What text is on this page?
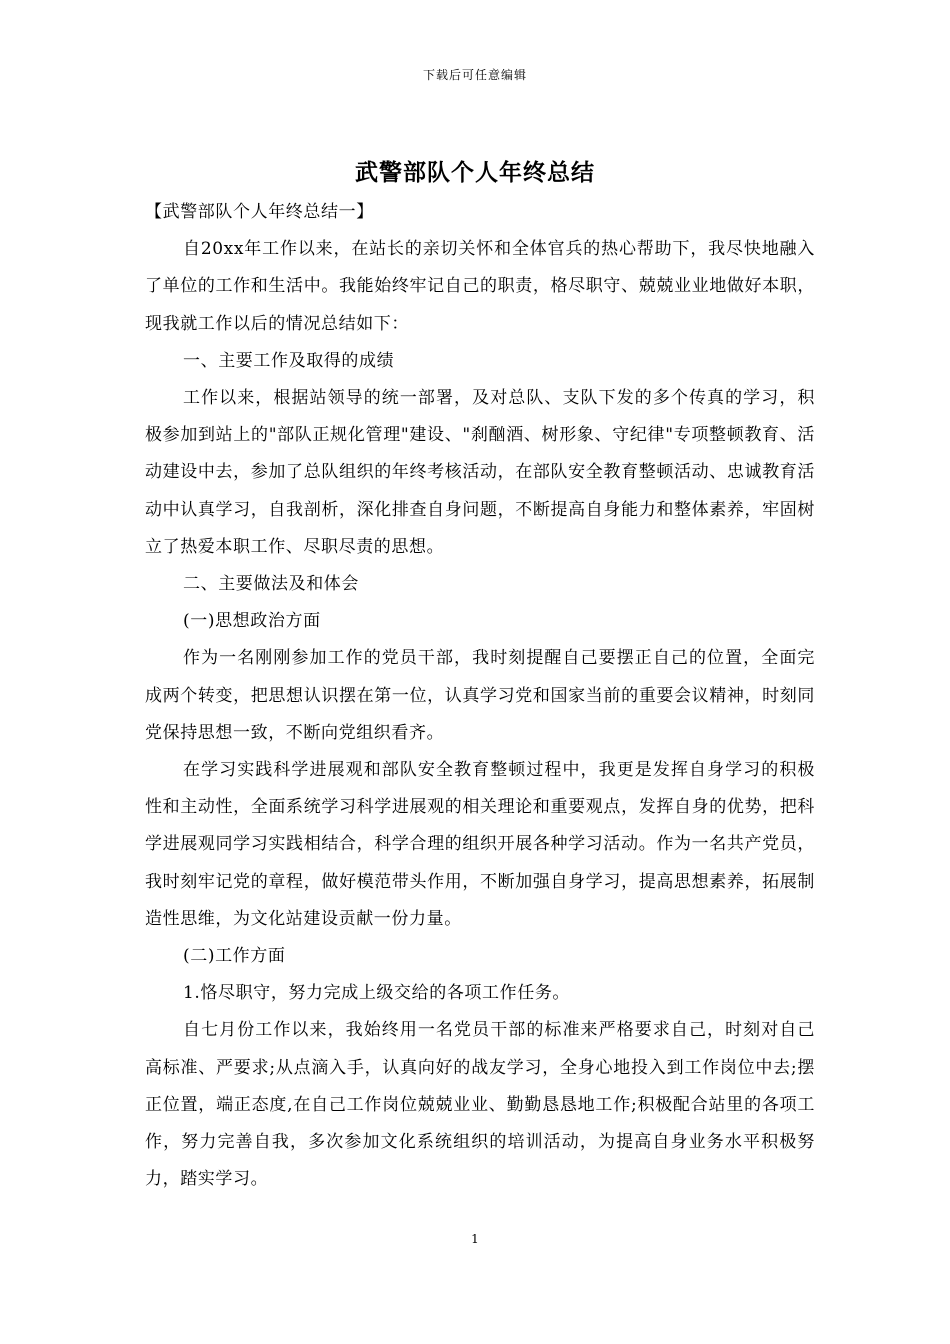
下载后可任意编辑
武警部队个人年终总结

【武警部队个人年终总结一】

自20xx年工作以来，在站长的亲切关怀和全体官兵的热心帮助下，我尽快地融入了单位的工作和生活中。我能始终牢记自己的职责，格尽职守、兢兢业业地做好本职，现我就工作以后的情况总结如下：

一、主要工作及取得的成绩

工作以来，根据站领导的统一部署，及对总队、支队下发的多个传真的学习，积极参加到站上的"部队正规化管理"建设、"刹酗酒、树形象、守纪律"专项整顿教育、活动建设中去，参加了总队组织的年终考核活动，在部队安全教育整顿活动、忠诚教育活动中认真学习，自我剖析，深化排查自身问题，不断提高自身能力和整体素养，牢固树立了热爱本职工作、尽职尽责的思想。

二、主要做法及和体会

(一)思想政治方面

作为一名刚刚参加工作的党员干部，我时刻提醒自己要摆正自己的位置，全面完成两个转变，把思想认识摆在第一位，认真学习党和国家当前的重要会议精神，时刻同党保持思想一致，不断向党组织看齐。

在学习实践科学进展观和部队安全教育整顿过程中，我更是发挥自身学习的积极性和主动性，全面系统学习科学进展观的相关理论和重要观点，发挥自身的优势，把科学进展观同学习实践相结合，科学合理的组织开展各种学习活动。作为一名共产党员，我时刻牢记党的章程，做好模范带头作用，不断加强自身学习，提高思想素养，拓展制造性思维，为文化站建设贡献一份力量。

(二)工作方面

1.恪尽职守，努力完成上级交给的各项工作任务。

自七月份工作以来，我始终用一名党员干部的标准来严格要求自己，时刻对自己高标准、严要求;从点滴入手，认真向好的战友学习，全身心地投入到工作岗位中去;摆正位置，端正态度,在自己工作岗位兢兢业业、勤勤恳恳地工作;积极配合站里的各项工作，努力完善自我，多次参加文化系统组织的培训活动，为提高自身业务水平积极努力，踏实学习。

1
